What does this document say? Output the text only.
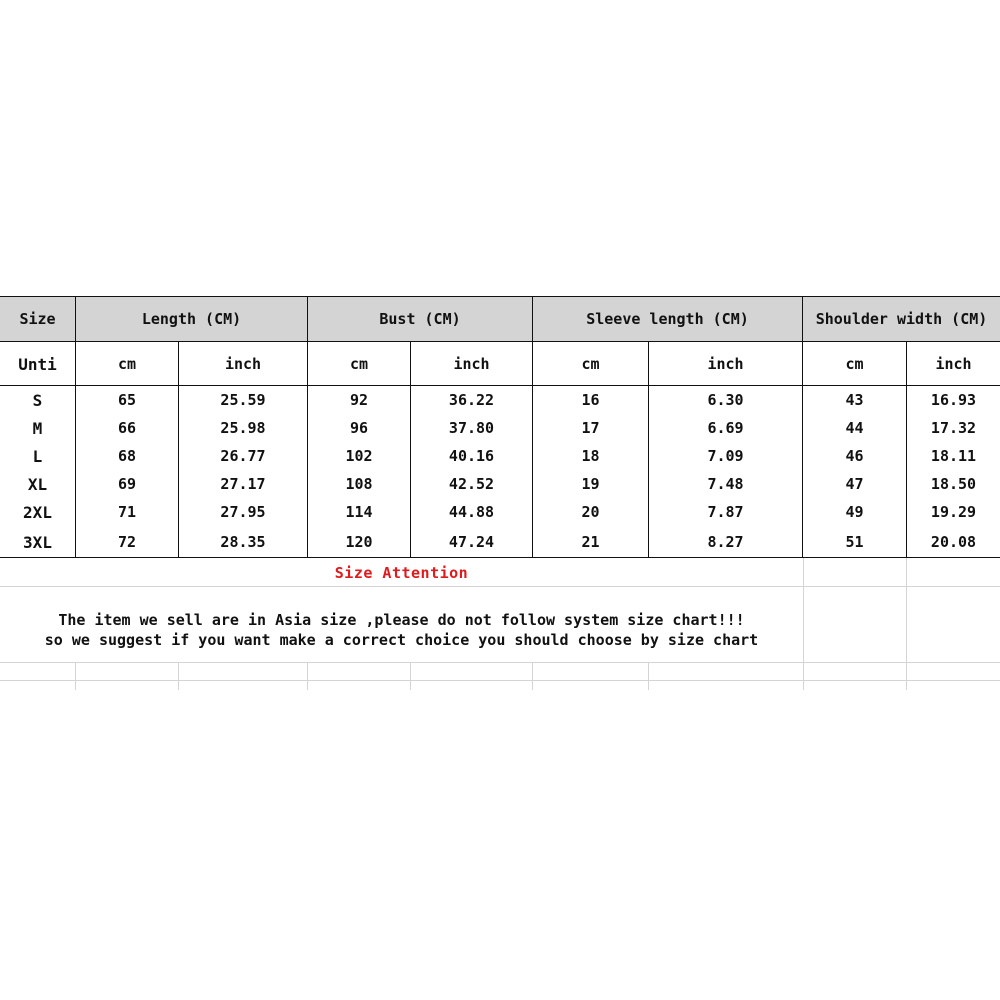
Size	Length (CM)	Bust (CM)	Sleeve length (CM)	Shoulder width (CM)
Unti	cm	inch	cm	inch	cm	inch	cm	inch
S	65	25.59	92	36.22	16	6.30	43	16.93
M	66	25.98	96	37.80	17	6.69	44	17.32
L	68	26.77	102	40.16	18	7.09	46	18.11
XL	69	27.17	108	42.52	19	7.48	47	18.50
2XL	71	27.95	114	44.88	20	7.87	49	19.29
3XL	72	28.35	120	47.24	21	8.27	51	20.08
Size Attention
The item we sell are in Asia size ,please do not follow system size chart!!!
so we suggest if you want make a correct choice you should choose by size chart
